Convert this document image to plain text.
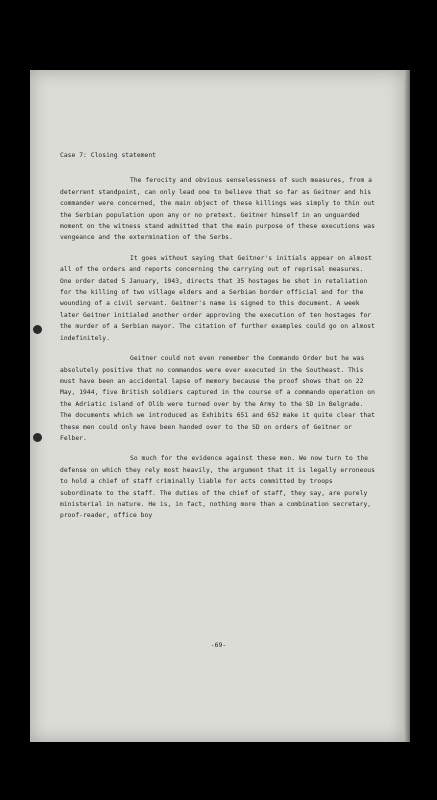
Case 7: Closing statement

The ferocity and obvious senselessness of such measures, from a deterrent standpoint, can only lead one to believe that so far as Geitner and his commander were concerned, the main object of these killings was simply to thin out the Serbian population upon any or no pretext. Geitner himself in an unguarded moment on the witness stand admitted that the main purpose of these executions was vengeance and the extermination of the Serbs.

It goes without saying that Geitner's initials appear on almost all of the orders and reports concerning the carrying out of reprisal measures. One order dated 5 January, 1943, directs that 35 hostages be shot in retaliation for the killing of two village elders and a Serbian border official and for the wounding of a civil servant. Geitner's name is signed to this document. A week later Geitner initialed another order approving the execution of ten hostages for the murder of a Serbian mayor. The citation of further examples could go on almost indefinitely.

Geitner could not even remember the Commando Order but he was absolutely positive that no commandos were ever executed in the Southeast. This must have been an accidental lapse of memory because the proof shows that on 22 May, 1944, five British soldiers captured in the course of a commando operation on the Adriatic island of Olib were turned over by the Army to the SD in Belgrade. The documents which we introduced as Exhibits 651 and 652 make it quite clear that these men could only have been handed over to the SD on orders of Geitner or Felber.

So much for the evidence against these men. We now turn to the defense on which they rely most heavily, the argument that it is legally erroneous to hold a chief of staff criminally liable for acts committed by troops subordinate to the staff. The duties of the chief of staff, they say, are purely ministerial in nature. He is, in fact, nothing more than a combination secretary, proof-reader, office boy

-69-
